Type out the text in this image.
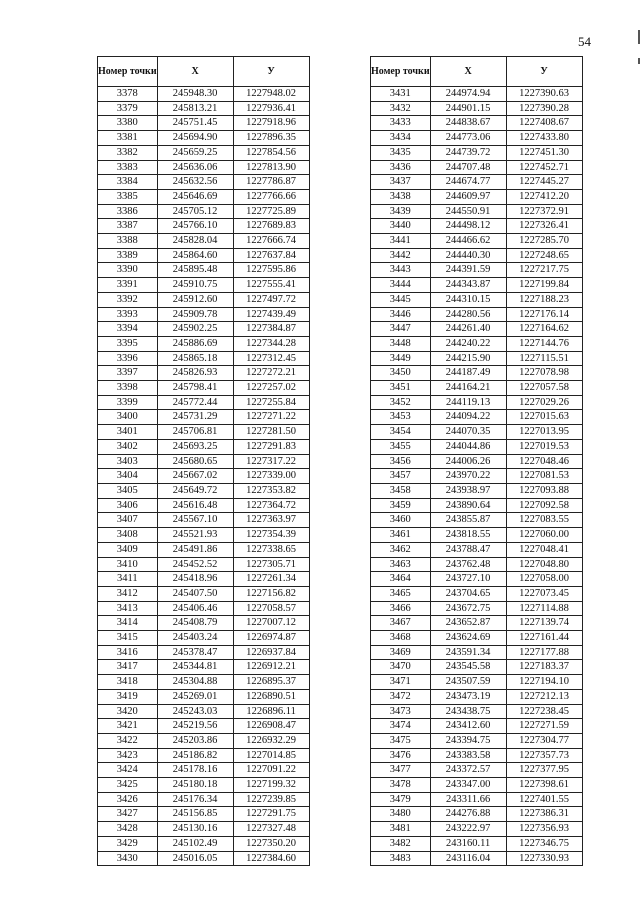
54
Номер точки	X	У
3378	245948.30	1227948.02
3379	245813.21	1227936.41
3380	245751.45	1227918.96
3381	245694.90	1227896.35
3382	245659.25	1227854.56
3383	245636.06	1227813.90
3384	245632.56	1227786.87
3385	245646.69	1227766.66
3386	245705.12	1227725.89
3387	245766.10	1227689.83
3388	245828.04	1227666.74
3389	245864.60	1227637.84
3390	245895.48	1227595.86
3391	245910.75	1227555.41
3392	245912.60	1227497.72
3393	245909.78	1227439.49
3394	245902.25	1227384.87
3395	245886.69	1227344.28
3396	245865.18	1227312.45
3397	245826.93	1227272.21
3398	245798.41	1227257.02
3399	245772.44	1227255.84
3400	245731.29	1227271.22
3401	245706.81	1227281.50
3402	245693.25	1227291.83
3403	245680.65	1227317.22
3404	245667.02	1227339.00
3405	245649.72	1227353.82
3406	245616.48	1227364.72
3407	245567.10	1227363.97
3408	245521.93	1227354.39
3409	245491.86	1227338.65
3410	245452.52	1227305.71
3411	245418.96	1227261.34
3412	245407.50	1227156.82
3413	245406.46	1227058.57
3414	245408.79	1227007.12
3415	245403.24	1226974.87
3416	245378.47	1226937.84
3417	245344.81	1226912.21
3418	245304.88	1226895.37
3419	245269.01	1226890.51
3420	245243.03	1226896.11
3421	245219.56	1226908.47
3422	245203.86	1226932.29
3423	245186.82	1227014.85
3424	245178.16	1227091.22
3425	245180.18	1227199.32
3426	245176.34	1227239.85
3427	245156.85	1227291.75
3428	245130.16	1227327.48
3429	245102.49	1227350.20
3430	245016.05	1227384.60
Номер точки	X	У
3431	244974.94	1227390.63
3432	244901.15	1227390.28
3433	244838.67	1227408.67
3434	244773.06	1227433.80
3435	244739.72	1227451.30
3436	244707.48	1227452.71
3437	244674.77	1227445.27
3438	244609.97	1227412.20
3439	244550.91	1227372.91
3440	244498.12	1227326.41
3441	244466.62	1227285.70
3442	244440.30	1227248.65
3443	244391.59	1227217.75
3444	244343.87	1227199.84
3445	244310.15	1227188.23
3446	244280.56	1227176.14
3447	244261.40	1227164.62
3448	244240.22	1227144.76
3449	244215.90	1227115.51
3450	244187.49	1227078.98
3451	244164.21	1227057.58
3452	244119.13	1227029.26
3453	244094.22	1227015.63
3454	244070.35	1227013.95
3455	244044.86	1227019.53
3456	244006.26	1227048.46
3457	243970.22	1227081.53
3458	243938.97	1227093.88
3459	243890.64	1227092.58
3460	243855.87	1227083.55
3461	243818.55	1227060.00
3462	243788.47	1227048.41
3463	243762.48	1227048.80
3464	243727.10	1227058.00
3465	243704.65	1227073.45
3466	243672.75	1227114.88
3467	243652.87	1227139.74
3468	243624.69	1227161.44
3469	243591.34	1227177.88
3470	243545.58	1227183.37
3471	243507.59	1227194.10
3472	243473.19	1227212.13
3473	243438.75	1227238.45
3474	243412.60	1227271.59
3475	243394.75	1227304.77
3476	243383.58	1227357.73
3477	243372.57	1227377.95
3478	243347.00	1227398.61
3479	243311.66	1227401.55
3480	244276.88	1227386.31
3481	243222.97	1227356.93
3482	243160.11	1227346.75
3483	243116.04	1227330.93
